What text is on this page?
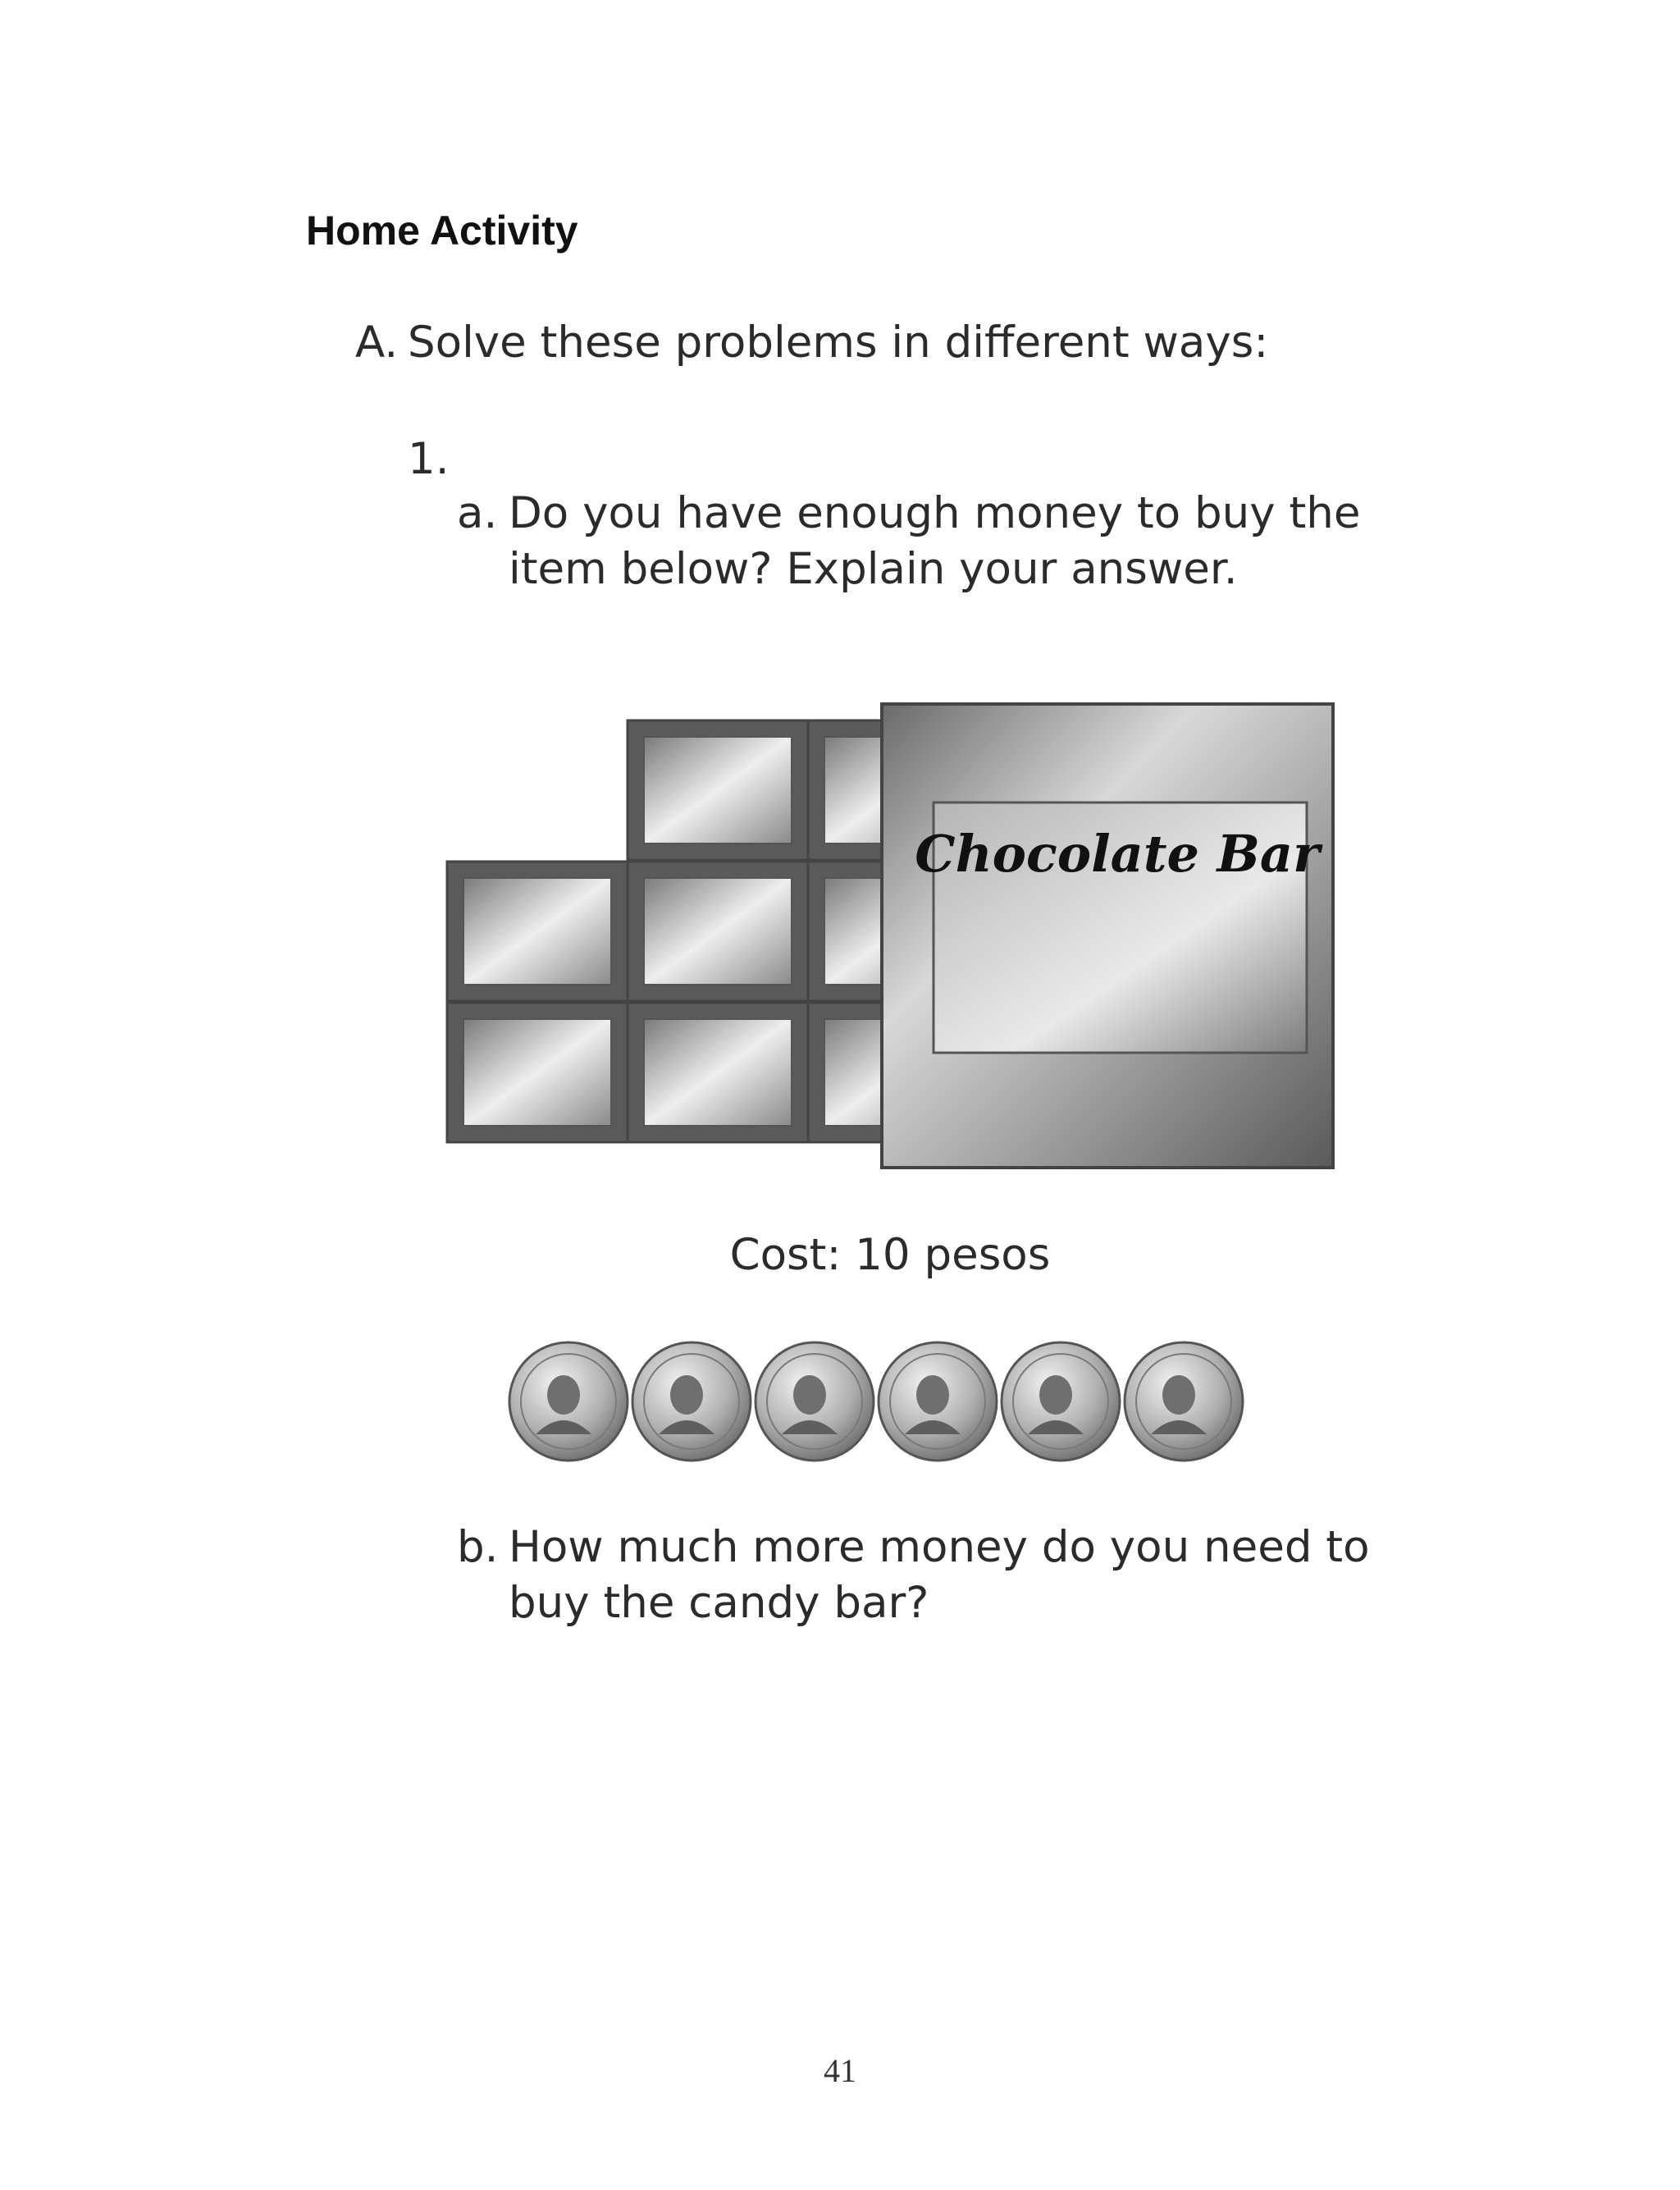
Home Activity
A. Solve these problems in different ways:
1.
a. Do you have enough money to buy the item below? Explain your answer.
Chocolate Bar
Cost: 10 pesos
b. How much more money do you need to buy the candy bar?
41
